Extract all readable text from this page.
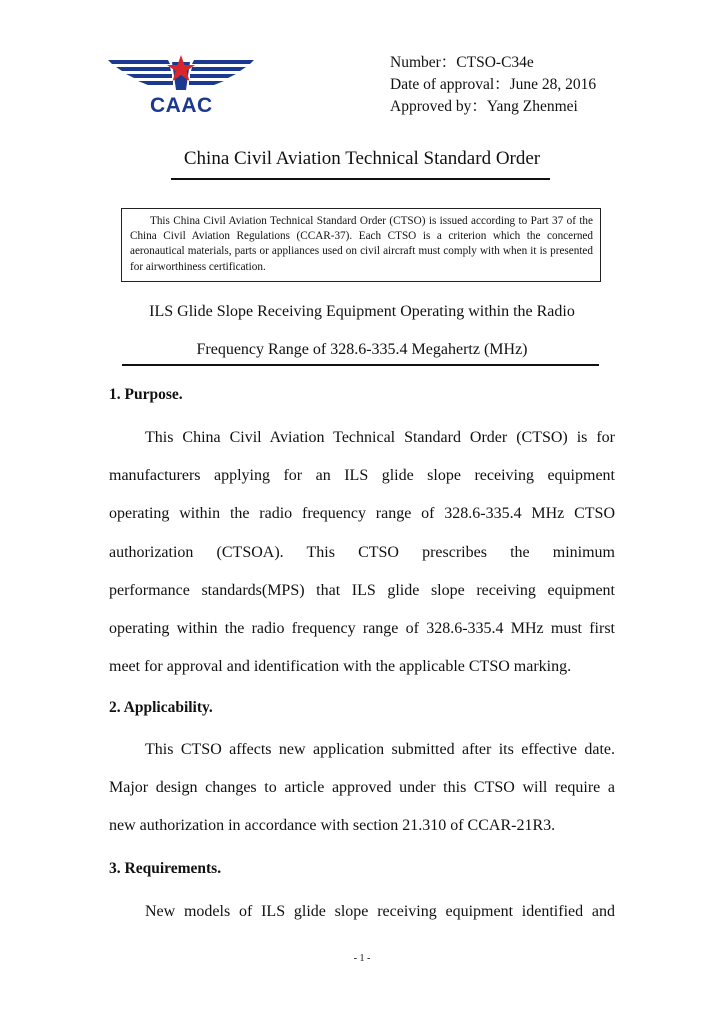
CAAC
Number：CTSO-C34e
Date of approval：June 28, 2016
Approved by：Yang Zhenmei
China Civil Aviation Technical Standard Order
This China Civil Aviation Technical Standard Order (CTSO) is issued according to Part 37 of the China Civil Aviation Regulations (CCAR-37). Each CTSO is a criterion which the concerned aeronautical materials, parts or appliances used on civil aircraft must comply with when it is presented for airworthiness certification.
ILS Glide Slope Receiving Equipment Operating within the Radio
Frequency Range of 328.6-335.4 Megahertz (MHz)
1. Purpose.
This China Civil Aviation Technical Standard Order (CTSO) is for
manufacturers applying for an ILS glide slope receiving equipment
operating within the radio frequency range of 328.6-335.4 MHz CTSO
authorization (CTSOA). This CTSO prescribes the minimum
performance standards(MPS) that ILS glide slope receiving equipment
operating within the radio frequency range of 328.6-335.4 MHz must first
meet for approval and identification with the applicable CTSO marking.
2. Applicability.
This CTSO affects new application submitted after its effective date.
Major design changes to article approved under this CTSO will require a
new authorization in accordance with section 21.310 of CCAR-21R3.
3. Requirements.
New models of ILS glide slope receiving equipment identified and
- 1 -
